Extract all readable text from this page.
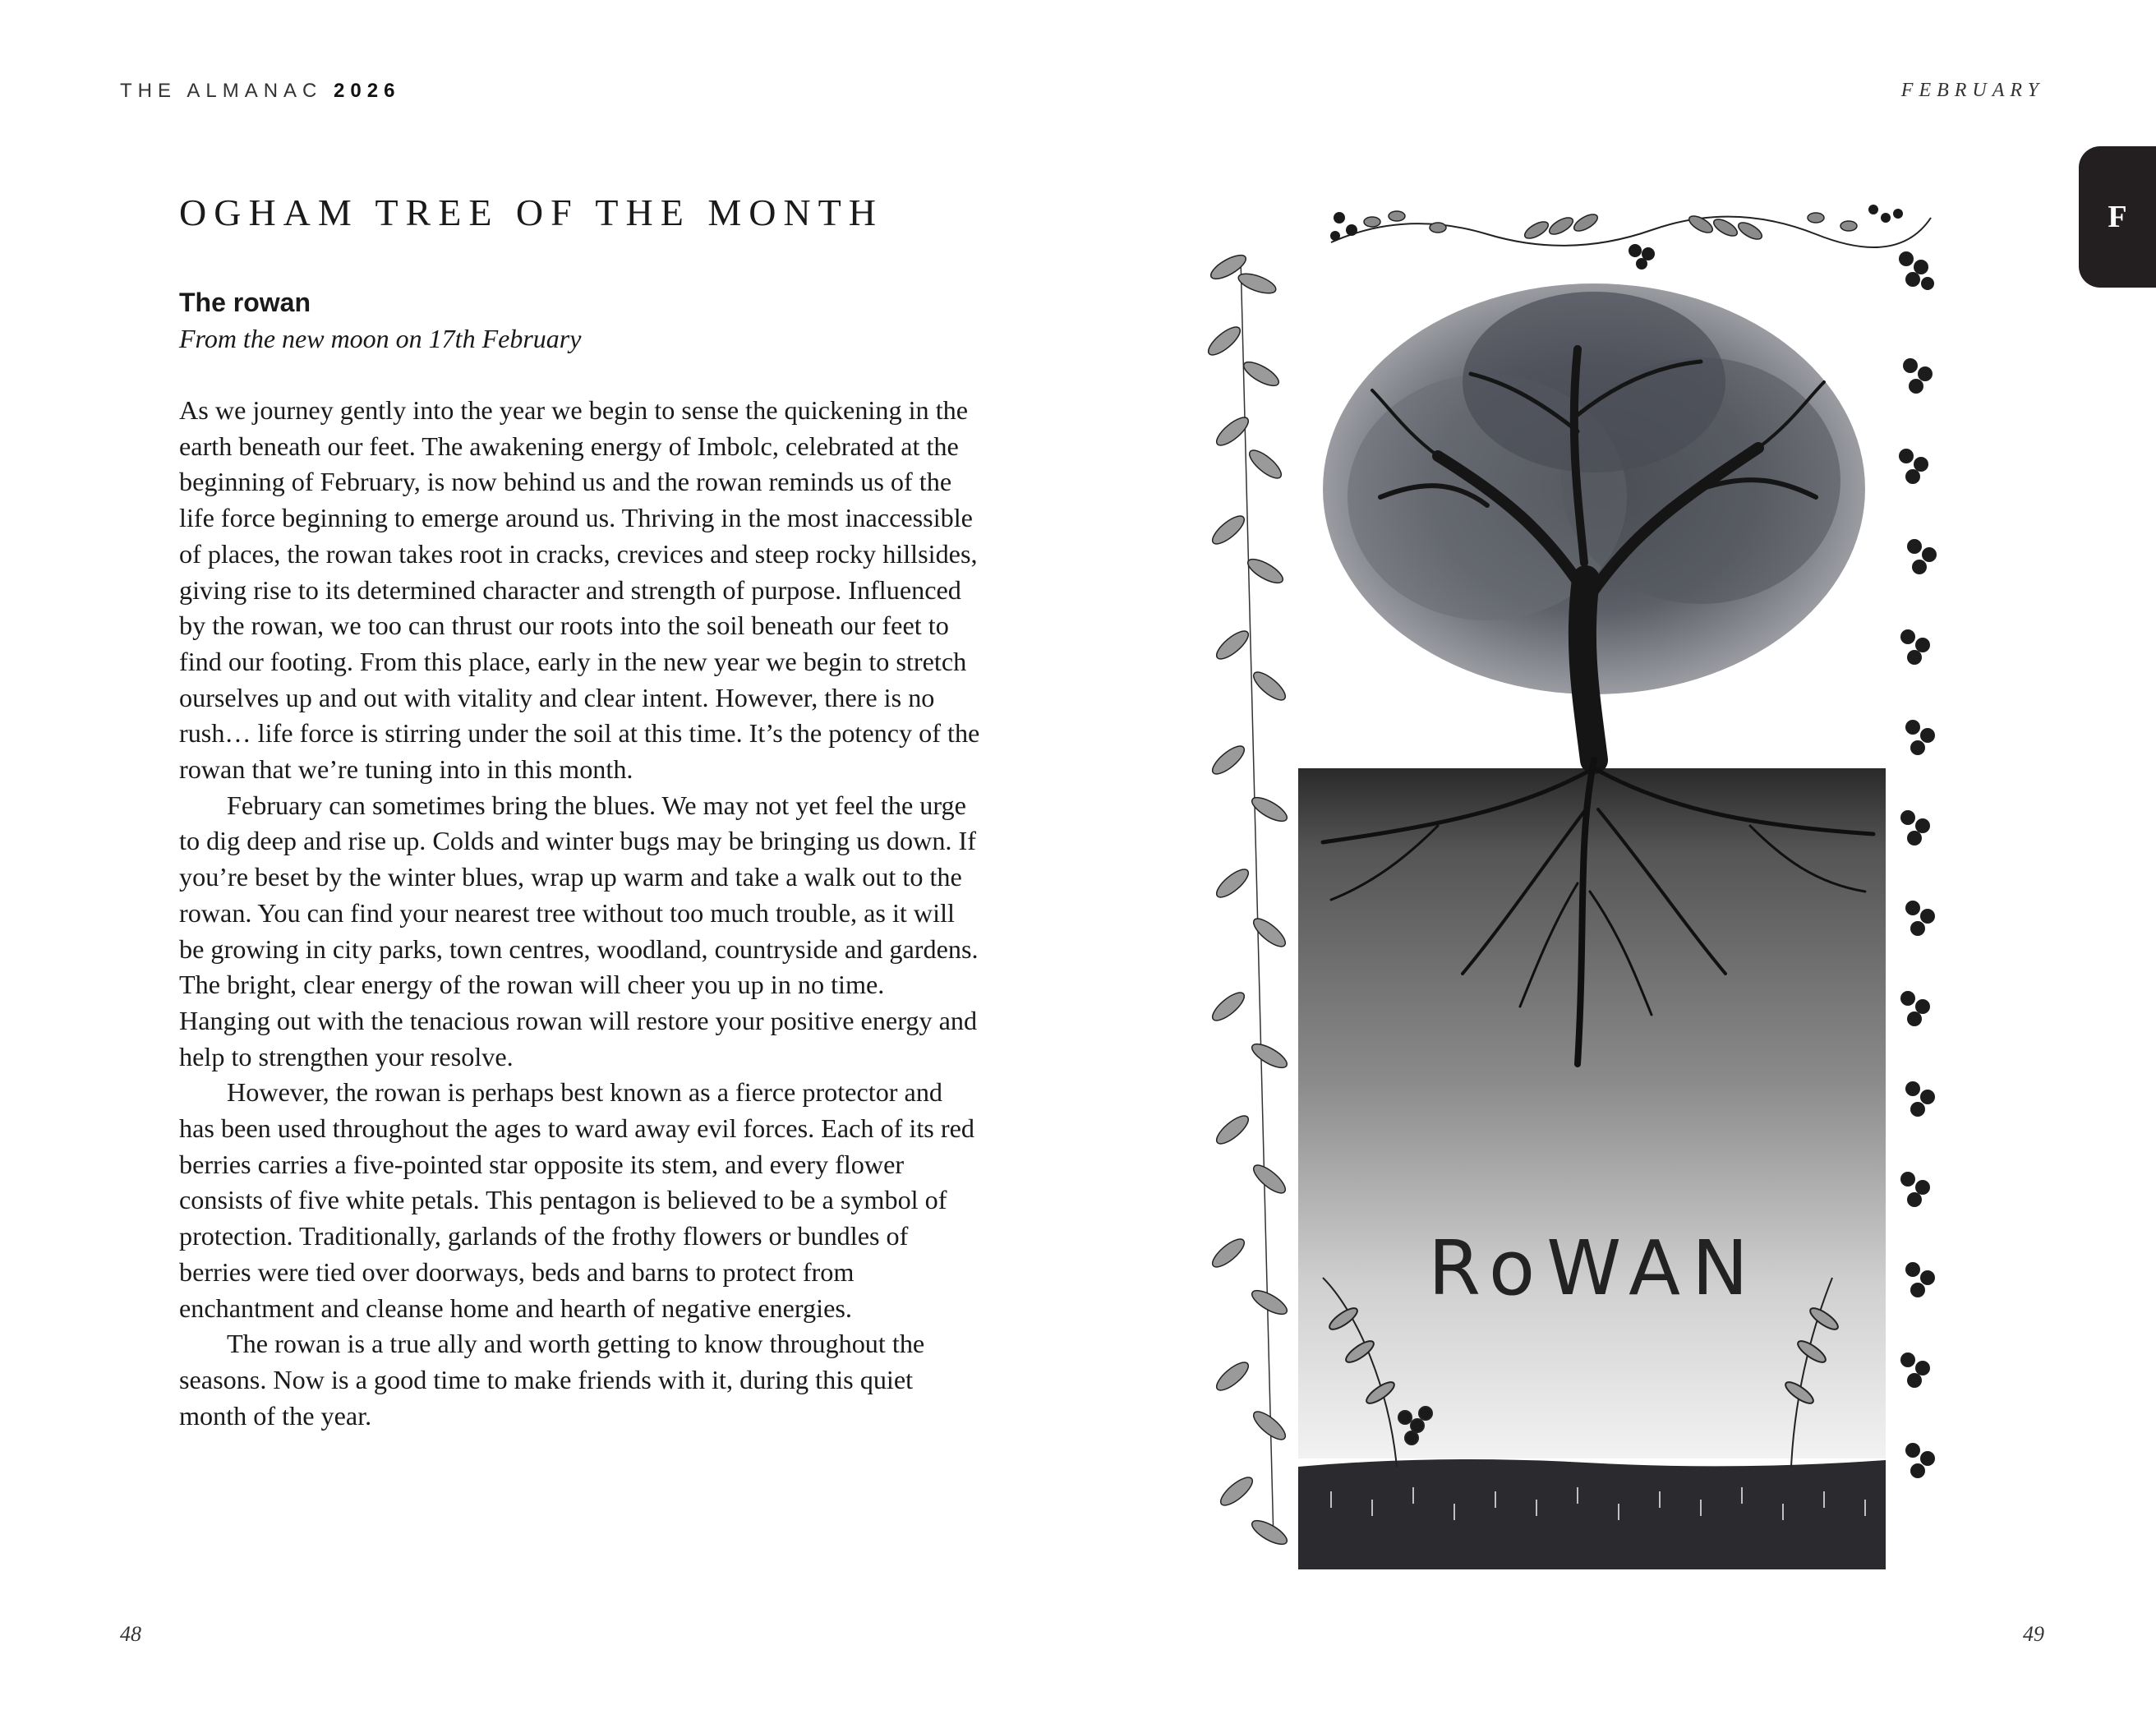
THE ALMANAC 2026	FEBRUARY
F
OGHAM TREE OF THE MONTH
The rowan
From the new moon on 17th February

As we journey gently into the year we begin to sense the quickening in the earth beneath our feet. The awakening energy of Imbolc, celebrated at the beginning of February, is now behind us and the rowan reminds us of the life force beginning to emerge around us. Thriving in the most inaccessible of places, the rowan takes root in cracks, crevices and steep rocky hillsides, giving rise to its determined character and strength of purpose. Influenced by the rowan, we too can thrust our roots into the soil beneath our feet to find our footing. From this place, early in the new year we begin to stretch ourselves up and out with vitality and clear intent. However, there is no rush… life force is stirring under the soil at this time. It’s the potency of the rowan that we’re tuning into in this month.

February can sometimes bring the blues. We may not yet feel the urge to dig deep and rise up. Colds and winter bugs may be bringing us down. If you’re beset by the winter blues, wrap up warm and take a walk out to the rowan. You can find your nearest tree without too much trouble, as it will be growing in city parks, town centres, woodland, countryside and gardens. The bright, clear energy of the rowan will cheer you up in no time. Hanging out with the tenacious rowan will restore your positive energy and help to strengthen your resolve.

However, the rowan is perhaps best known as a fierce protector and has been used throughout the ages to ward away evil forces. Each of its red berries carries a five-pointed star opposite its stem, and every flower consists of five white petals. This pentagon is believed to be a symbol of protection. Traditionally, garlands of the frothy flowers or bundles of berries were tied over doorways, beds and barns to protect from enchantment and cleanse home and hearth of negative energies.

The rowan is a true ally and worth getting to know throughout the seasons. Now is a good time to make friends with it, during this quiet month of the year.

RoWAN
48	49
